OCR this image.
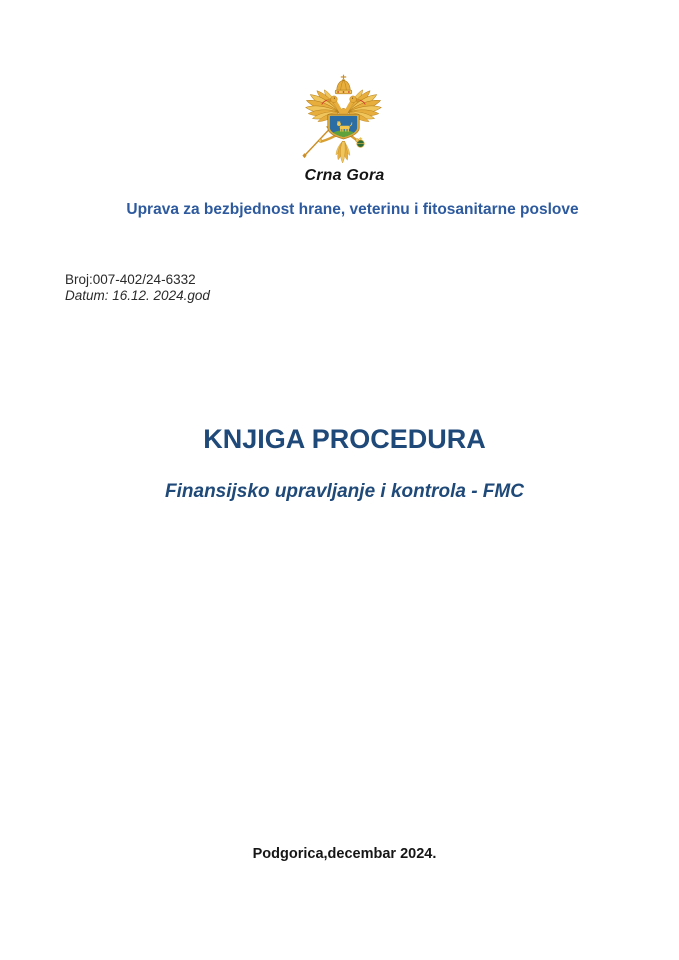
Crna Gora
Uprava za bezbjednost hrane, veterinu i fitosanitarne poslove
Broj:007-402/24-6332
Datum: 16.12. 2024.god
KNJIGA PROCEDURA
Finansijsko upravljanje i kontrola - FMC
Podgorica,decembar 2024.
